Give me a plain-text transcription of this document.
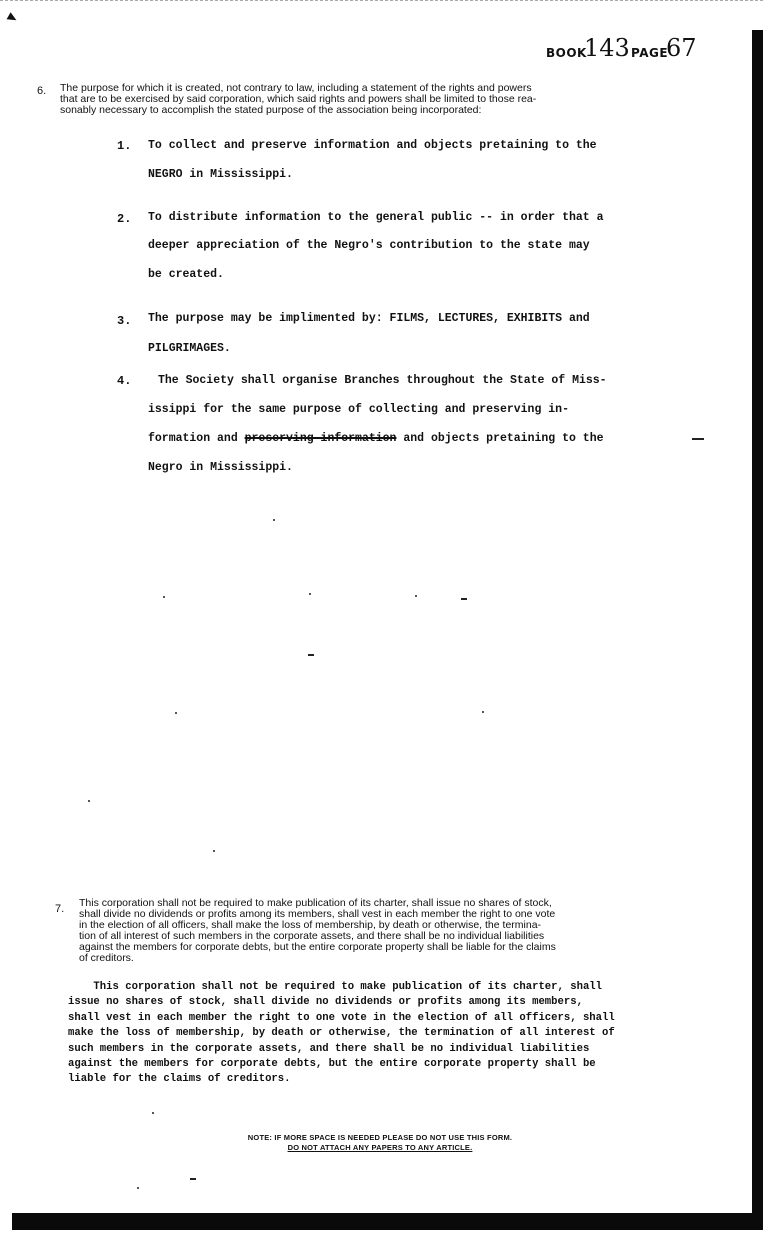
BOOK
143 PAGE
67
6. The purpose for which it is created, not contrary to law, including a statement of the rights and powers
that are to be exercised by said corporation, which said rights and powers shall be limited to those rea-
sonably necessary to accomplish the stated purpose of the association being incorporated:
1. To collect and preserve information and objects pretaining to the
NEGRO in Mississippi.
2. To distribute information to the general public -- in order that a
deeper appreciation of the Negro's contribution to the state may
be created.
3. The purpose may be implimented by: FILMS, LECTURES, EXHIBITS and
PILGRIMAGES.
4. The Society shall organise Branches throughout the State of Miss-
issippi for the same purpose of collecting and preserving in-
formation and preserving information and objects pretaining to the
Negro in Mississippi.
7. This corporation shall not be required to make publication of its charter, shall issue no shares of stock,
shall divide no dividends or profits among its members, shall vest in each member the right to one vote
in the election of all officers, shall make the loss of membership, by death or otherwise, the termina-
tion of all interest of such members in the corporate assets, and there shall be no individual liabilities
against the members for corporate debts, but the entire corporate property shall be liable for the claims
of creditors.
This corporation shall not be required to make publication of its charter, shall
issue no shares of stock, shall divide no dividends or profits among its members,
shall vest in each member the right to one vote in the election of all officers, shall
make the loss of membership, by death or otherwise, the termination of all interest of
such members in the corporate assets, and there shall be no individual liabilities
against the members for corporate debts, but the entire corporate property shall be
liable for the claims of creditors.
NOTE: IF MORE SPACE IS NEEDED PLEASE DO NOT USE THIS FORM.
DO NOT ATTACH ANY PAPERS TO ANY ARTICLE.
